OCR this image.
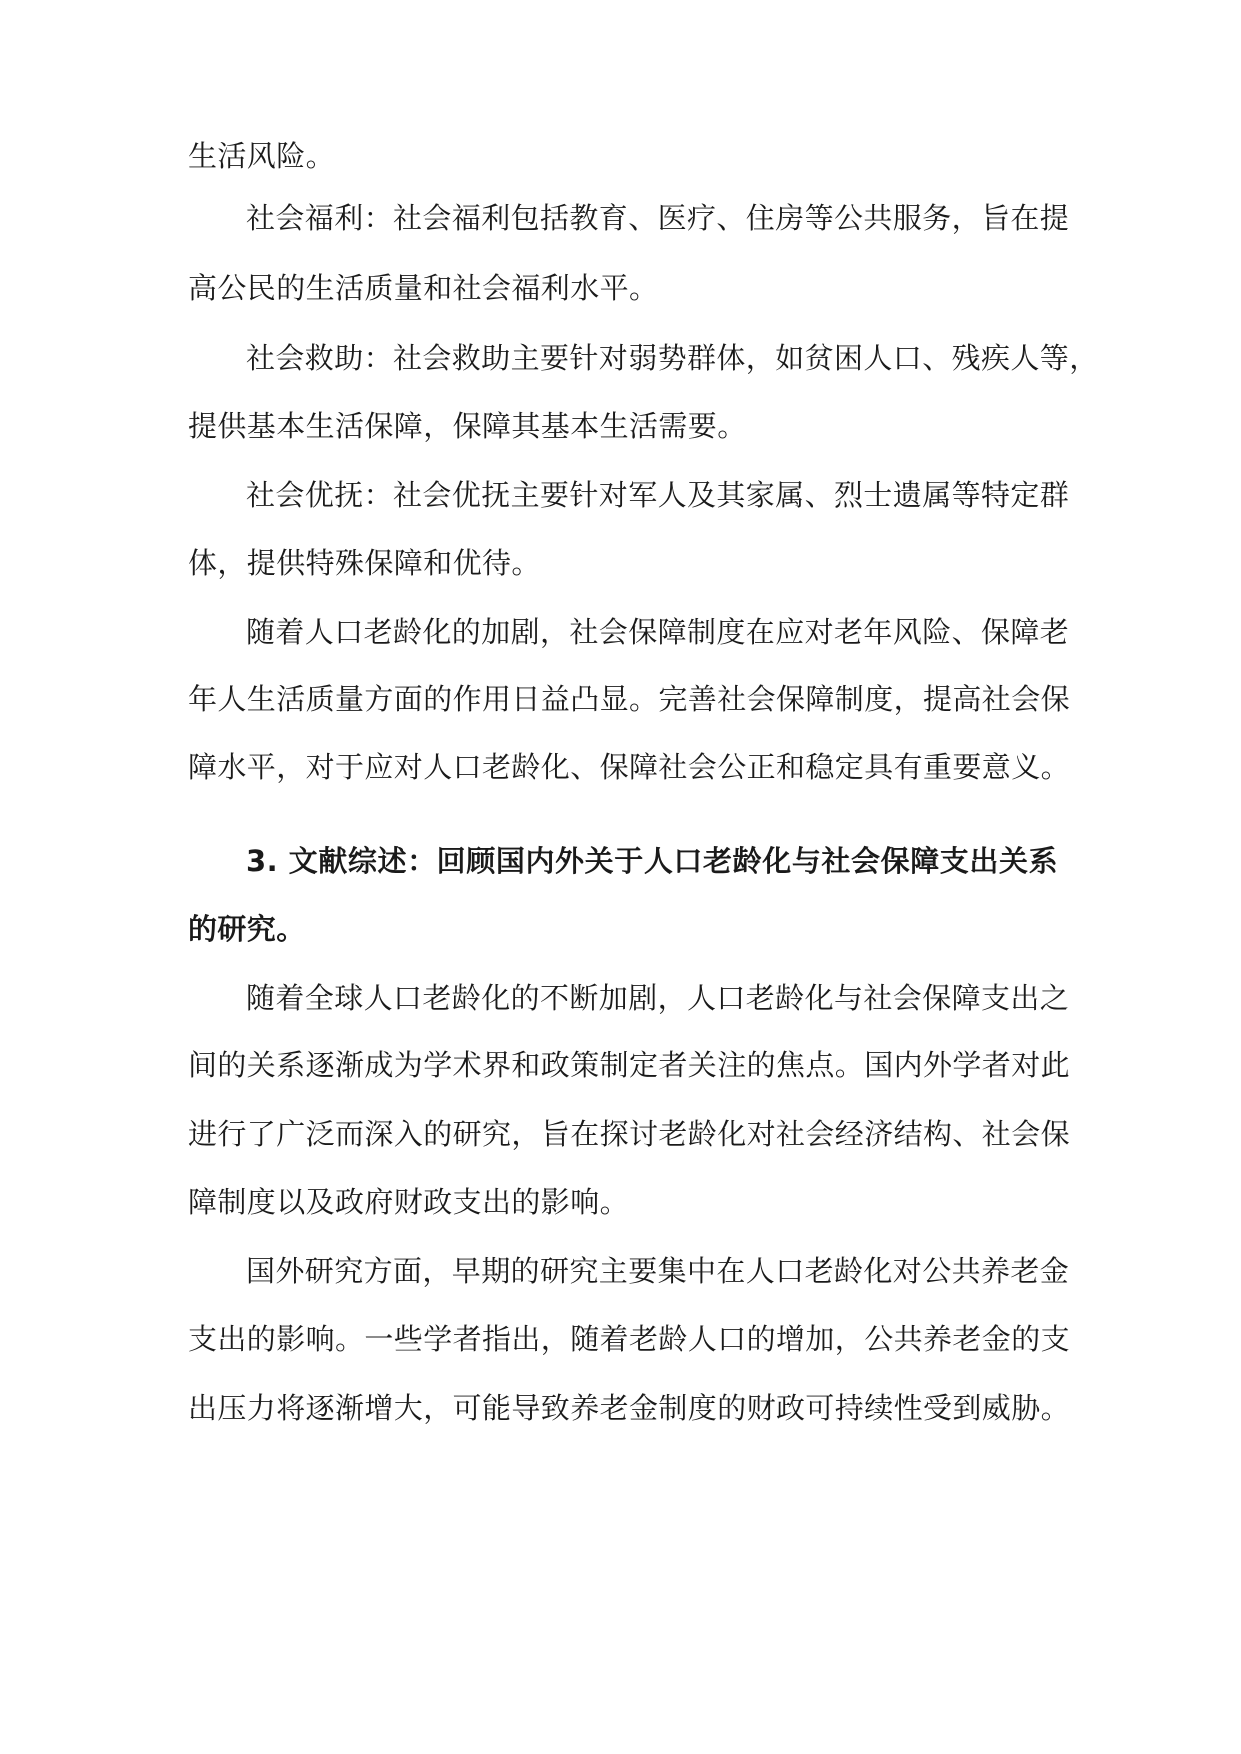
生活风险。
社会福利：社会福利包括教育、医疗、住房等公共服务，旨在提
高公民的生活质量和社会福利水平。
社会救助：社会救助主要针对弱势群体，如贫困人口、残疾人等，
提供基本生活保障，保障其基本生活需要。
社会优抚：社会优抚主要针对军人及其家属、烈士遗属等特定群
体，提供特殊保障和优待。
随着人口老龄化的加剧，社会保障制度在应对老年风险、保障老
年人生活质量方面的作用日益凸显。完善社会保障制度，提高社会保
障水平，对于应对人口老龄化、保障社会公正和稳定具有重要意义。
3. 文献综述：回顾国内外关于人口老龄化与社会保障支出关系
的研究。
随着全球人口老龄化的不断加剧，人口老龄化与社会保障支出之
间的关系逐渐成为学术界和政策制定者关注的焦点。国内外学者对此
进行了广泛而深入的研究，旨在探讨老龄化对社会经济结构、社会保
障制度以及政府财政支出的影响。
国外研究方面，早期的研究主要集中在人口老龄化对公共养老金
支出的影响。一些学者指出，随着老龄人口的增加，公共养老金的支
出压力将逐渐增大，可能导致养老金制度的财政可持续性受到威胁。
